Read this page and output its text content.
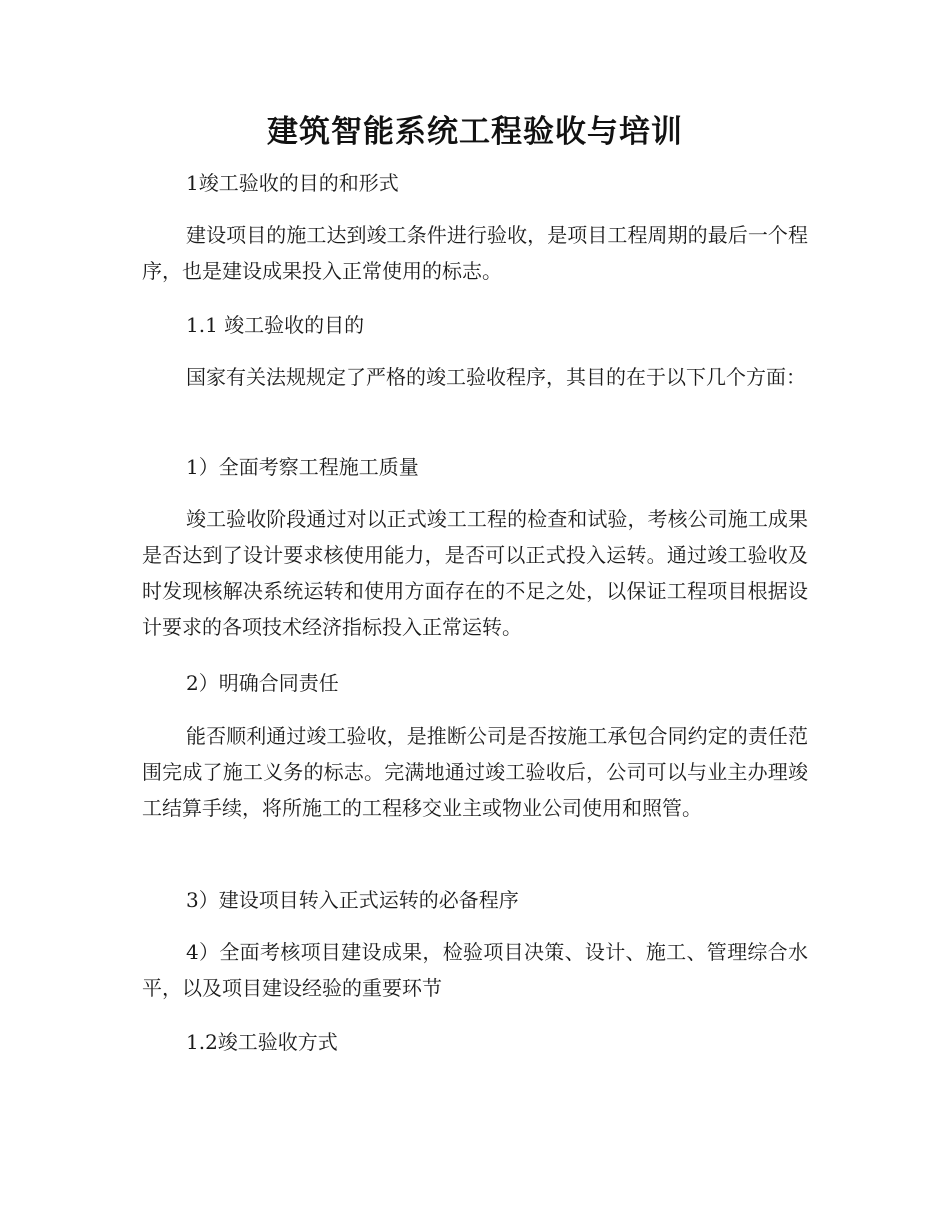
建筑智能系统工程验收与培训

1竣工验收的目的和形式

建设项目的施工达到竣工条件进行验收，是项目工程周期的最后一个程序，也是建设成果投入正常使用的标志。

1.1 竣工验收的目的

国家有关法规规定了严格的竣工验收程序，其目的在于以下几个方面：

1）全面考察工程施工质量

竣工验收阶段通过对以正式竣工工程的检查和试验，考核公司施工成果是否达到了设计要求核使用能力，是否可以正式投入运转。通过竣工验收及时发现核解决系统运转和使用方面存在的不足之处，以保证工程项目根据设计要求的各项技术经济指标投入正常运转。

2）明确合同责任

能否顺利通过竣工验收，是推断公司是否按施工承包合同约定的责任范围完成了施工义务的标志。完满地通过竣工验收后，公司可以与业主办理竣工结算手续，将所施工的工程移交业主或物业公司使用和照管。

3）建设项目转入正式运转的必备程序

4）全面考核项目建设成果，检验项目决策、设计、施工、管理综合水平，以及项目建设经验的重要环节

1.2竣工验收方式
